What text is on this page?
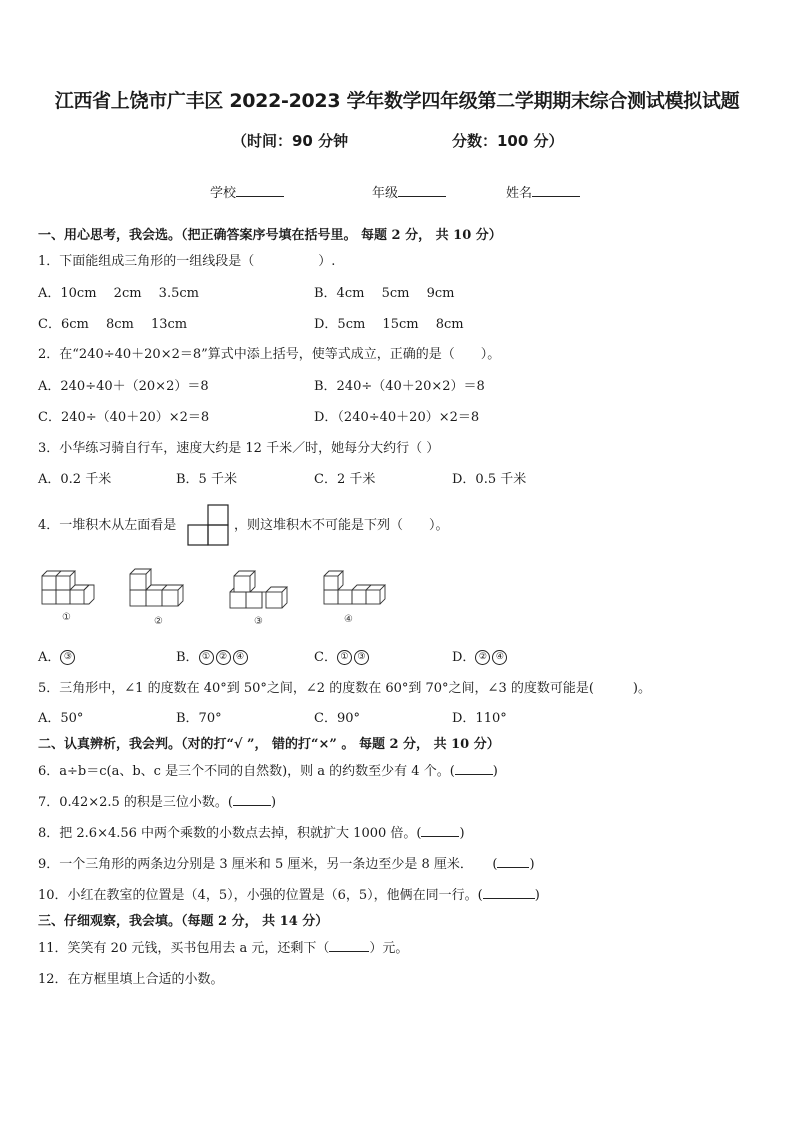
江西省上饶市广丰区 2022-2023 学年数学四年级第二学期期末综合测试模拟试题
（时间：90 分钟	分数：100 分）
学校	年级	姓名
一、用心思考，我会选。（把正确答案序号填在括号里。 每题 2 分， 共 10 分）
1．下面能组成三角形的一组线段是（	）.
A．10cm　 2cm　 3.5cm	B．4cm　 5cm　 9cm
C．6cm　 8cm　 13cm	D．5cm　 15cm　 8cm
2．在“240÷40＋20×2＝8”算式中添上括号，使等式成立，正确的是（　　）。
A．240÷40＋（20×2）＝8	B．240÷（40＋20×2）＝8
C．240÷（40＋20）×2＝8	D．（240÷40＋20）×2＝8
3．小华练习骑自行车，速度大约是 12 千米／时，她每分大约行（ ）
A．0.2 千米	B．5 千米	C．2 千米	D．0.5 千米
4．一堆积木从左面看是	，则这堆积木不可能是下列（　　）。
①	②	③	④
A． ③	B． ① ② ④	C． ① ③	D． ② ④
5．三角形中，∠1 的度数在 40°到 50°之间，∠2 的度数在 60°到 70°之间，∠3 的度数可能是(　　　)。
A．50°	B．70°	C．90°	D．110°
二、认真辨析，我会判。（对的打“√ ”， 错的打“×” 。 每题 2 分， 共 10 分）
6．a÷b＝c(a、b、c 是三个不同的自然数)，则 a 的约数至少有 4 个。(	)
7．0.42×2.5 的积是三位小数。(	)
8．把 2.6×4.56 中两个乘数的小数点去掉，积就扩大 1000 倍。(	)
9．一个三角形的两条边分别是 3 厘米和 5 厘米，另一条边至少是 8 厘米．　　( )
10．小红在教室的位置是（4，5），小强的位置是（6，5），他俩在同一行。(	)
三、仔细观察，我会填。（每题 2 分， 共 14 分）
11．笑笑有 20 元钱，买书包用去 a 元，还剩下（	）元。
12．在方框里填上合适的小数。
